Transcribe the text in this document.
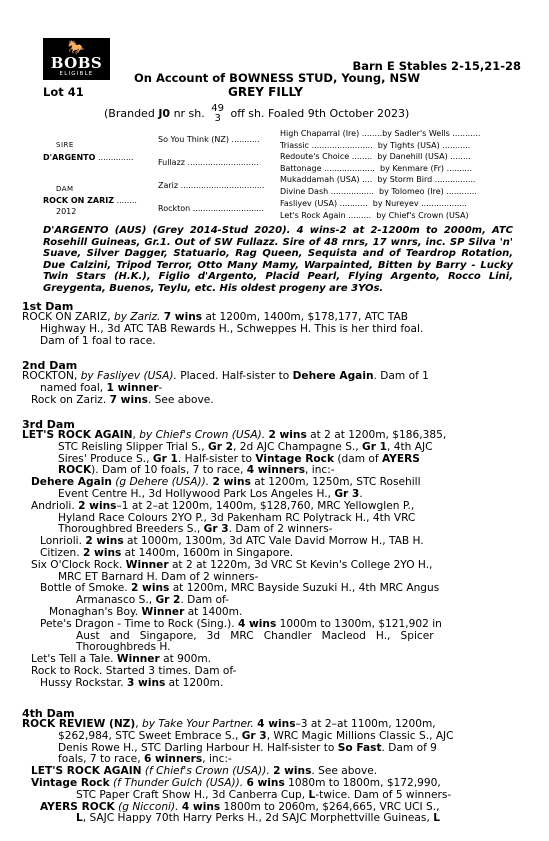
🐎
BOBS
ELIGIBLE
Barn E Stables 2-15,21-28
On Account of BOWNESS STUD, Young, NSW
Lot 41	GREY FILLY
(Branded J0 nr sh. 49
3 off sh. Foaled 9th October 2023)
SIRE
D'ARGENTO ..............
DAM
ROCK ON ZARIZ ........
2012
So You Think (NZ) ...........
Fullazz ............................
Zariz .................................
Rockton ............................
High Chaparral (Ire) ........by Sadler's Wells ...........
Triassic ........................  by Tights (USA) ...........
Redoute's Choice ........  by Danehill (USA) ........
Battonage ....................  by Kenmare (Fr) ..........
Mukaddamah (USA) ....  by Storm Bird ................
Divine Dash .................  by Tolomeo (Ire) ............
Fasliyev (USA) ...........  by Nureyev ..................
Let's Rock Again .........  by Chief's Crown (USA)
D'ARGENTO (AUS) (Grey 2014-Stud 2020). 4 wins-2 at 2-1200m to 2000m, ATC Rosehill Guineas, Gr.1. Out of SW Fullazz. Sire of 48 rnrs, 17 wnrs, inc. SP Silva 'n' Suave, Silver Dagger, Statuario, Rag Queen, Sequista and of Teardrop Rotation, Due Calzini, Tripod Terror, Otto Many Mamy, Warpainted, Bitten by Barry - Lucky Twin Stars (H.K.), Figlio d'Argento, Placid Pearl, Flying Argento, Rocco Lini, Greygenta, Buenos, Teylu, etc. His oldest progeny are 3YOs.
1st Dam
ROCK ON ZARIZ, by Zariz. 7 wins at 1200m, 1400m, $178,177, ATC TAB
Highway H., 3d ATC TAB Rewards H., Schweppes H. This is her third foal.
Dam of 1 foal to race.
2nd Dam
ROCKTON, by Fasliyev (USA). Placed. Half-sister to Dehere Again. Dam of 1
named foal, 1 winner-
Rock on Zariz. 7 wins. See above.
3rd Dam
LET'S ROCK AGAIN, by Chief's Crown (USA). 2 wins at 2 at 1200m, $186,385,
STC Reisling Slipper Trial S., Gr 2, 2d AJC Champagne S., Gr 1, 4th AJC
Sires' Produce S., Gr 1. Half-sister to Vintage Rock (dam of AYERS
ROCK). Dam of 10 foals, 7 to race, 4 winners, inc:-
Dehere Again (g Dehere (USA)). 2 wins at 1200m, 1250m, STC Rosehill
Event Centre H., 3d Hollywood Park Los Angeles H., Gr 3.
Andrioli. 2 wins–1 at 2–at 1200m, 1400m, $128,760, MRC Yellowglen P.,
Hyland Race Colours 2YO P., 3d Pakenham RC Polytrack H., 4th VRC
Thoroughbred Breeders S., Gr 3. Dam of 2 winners-
Lonrioli. 2 wins at 1000m, 1300m, 3d ATC Vale David Morrow H., TAB H.
Citizen. 2 wins at 1400m, 1600m in Singapore.
Six O'Clock Rock. Winner at 2 at 1220m, 3d VRC St Kevin's College 2YO H.,
MRC ET Barnard H. Dam of 2 winners-
Bottle of Smoke. 2 wins at 1200m, MRC Bayside Suzuki H., 4th MRC Angus
Armanasco S., Gr 2. Dam of-
Monaghan's Boy. Winner at 1400m.
Pete's Dragon - Time to Rock (Sing.). 4 wins 1000m to 1300m, $121,902 in
Aust   and   Singapore,   3d   MRC   Chandler   Macleod   H.,   Spicer
Thoroughbreds H.
Let's Tell a Tale. Winner at 900m.
Rock to Rock. Started 3 times. Dam of-
Hussy Rockstar. 3 wins at 1200m.
4th Dam
ROCK REVIEW (NZ), by Take Your Partner. 4 wins–3 at 2–at 1100m, 1200m,
$262,984, STC Sweet Embrace S., Gr 3, WRC Magic Millions Classic S., AJC
Denis Rowe H., STC Darling Harbour H. Half-sister to So Fast. Dam of 9
foals, 7 to race, 6 winners, inc:-
LET'S ROCK AGAIN (f Chief's Crown (USA)). 2 wins. See above.
Vintage Rock (f Thunder Gulch (USA)). 6 wins 1080m to 1800m, $172,990,
STC Paper Craft Show H., 3d Canberra Cup, L-twice. Dam of 5 winners-
AYERS ROCK (g Nicconi). 4 wins 1800m to 2060m, $264,665, VRC UCI S.,
L, SAJC Happy 70th Harry Perks H., 2d SAJC Morphettville Guineas, L
